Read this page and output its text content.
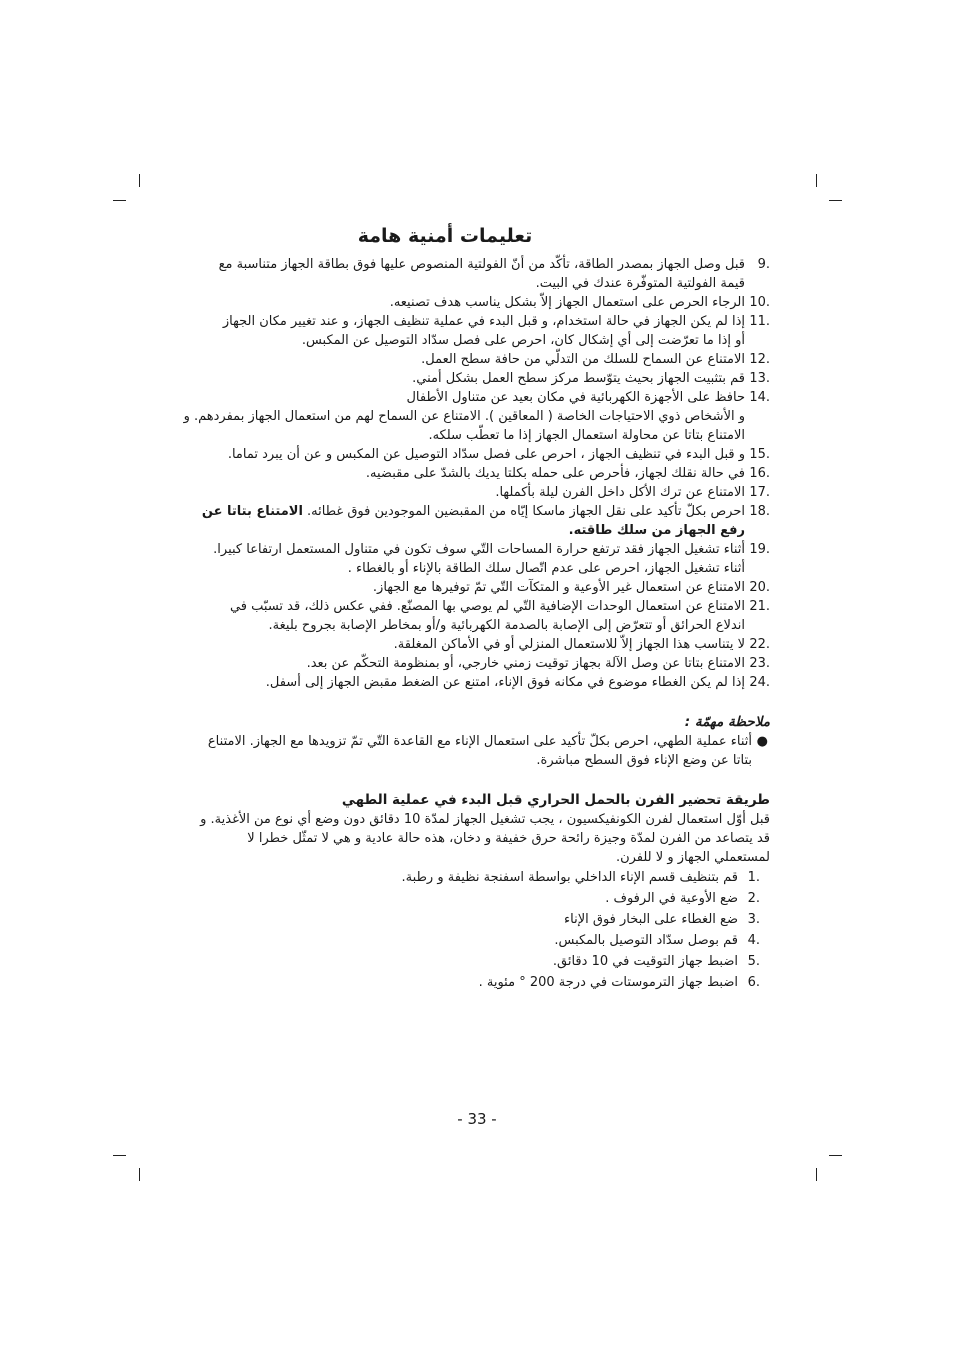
تعليمات أمنية هامة
9.
قبل وصل الجهاز بمصدر الطاقة، تأكّد من أنّ الفولتية المنصوص عليها فوق بطاقة الجهاز متناسبة مع
قيمة الفولتية المتوفّرة عندك في البيت.
10.
الرجاء الحرص على استعمال الجهاز إلاّ بشكل يناسب هدف تصنيعه.
11.
إذا لم يكن الجهاز في حالة استخدام، و قبل البدء في عملية تنظيف الجهاز، و عند تغيير مكان الجهاز
أو إذا ما تعرّضت إلى أي إشكال كان، احرص على فصل سدّاد التوصيل عن المكبس.
12.
الامتناع عن السماح للسلك من التدلّي من حافة سطح العمل.
13.
قم بتثبيت الجهاز بحيث يتوّسط مركز سطح العمل بشكل أمني.
14.
حافظ على الأجهزة الكهربائية في مكان بعيد عن متناول الأطفال
و الأشخاص ذوي الاحتياجات الخاصة ( المعاقين ). الامتناع عن السماح لهم من استعمال الجهاز بمفردهم. و
الامتناع بتاتا عن محاولة استعمال الجهاز إذا ما تعطّب سلكه.
15.
و قبل البدء في تنظيف الجهاز ، احرص على فصل سدّاد التوصيل عن المكبس و عن أن يبرد تماما.
16.
في حالة نقلك لجهاز، فأحرص على حمله بكلتا يديك بالشدّ على مقبضيه.
17.
الامتناع عن ترك الأكل داخل الفرن ليلة بأكملها.
18.
احرص بكلّ تأكيد على نقل الجهاز ماسكا إيّاه من المقبضين الموجودين فوق غطائه. الامتناع بتاتا عن
رفع الجهاز من سلك طاقته.
19.
أثناء تشغيل الجهاز فقد ترتفع حرارة المساحات التّي سوف تكون في متناول المستعمل ارتفاعا كبيرا.
أثناء تشغيل الجهاز، احرص على عدم اتّصال سلك الطاقة بالإناء أو بالغطاء .
20.
الامتناع عن استعمال غير الأوعية و المتكآت التّي تمّ توفيرها مع الجهاز.
21.
الامتناع عن استعمال الوحدات الإضافية التّي لم يوصي بها المصنّع. ففي عكس ذلك، قد تسبّب في
اندلاع الحرائق أو تتعرّض إلى الإصابة بالصدمة الكهربائية و/أو بمخاطر الإصابة بجروح بليغة.
22.
لا يتناسب هذا الجهاز إلاّ للاستعمال المنزلي أو في الأماكن المغلقة.
23.
الامتناع بتاتا عن وصل الآلة بجهاز توقيت زمني خارجي، أو بمنظومة التحكّم عن بعد.
24.
إذا لم يكن الغطاء موضوع في مكانه فوق الإناء، امتنع عن الضغط مقبض الجهاز إلى أسفل.
ملاحظة مهمّة :
●
أثناء عملية الطهي، احرص بكلّ تأكيد على استعمال الإناء مع القاعدة التّي تمّ تزويدها مع الجهاز. الامتناع
بتاتا عن وضع الإناء فوق السطح مباشرة.
طريقة تحضير الفرن بالحمل الحراري قبل البدء في عملية الطهي
قبل أوّل استعمال لفرن الكونفيكسيون ، يجب تشغيل الجهاز لمدّة 10 دقائق دون وضع أي نوع من الأغذية. و
قد يتصاعد من الفرن لمدّة وجيزة رائحة حرق خفيفة و دخان، هذه حالة عادية و هي لا تمثّل خطرا لا
لمستعملي الجهاز و لا للفرن.
1.
قم بتنظيف قسم الإناء الداخلي بواسطة اسفنجة نظيفة و رطبة.
2.
ضع الأوعية في الرفوف .
3.
ضع الغطاء على البخار فوق الإناء
4.
قم بوصل سدّاد التوصيل بالمكبس.
5.
اضبط جهاز التوقيت في 10 دقائق.
6.
اضبط جهاز الترموستات في درجة 200 ° مئوية .
- 33 -
